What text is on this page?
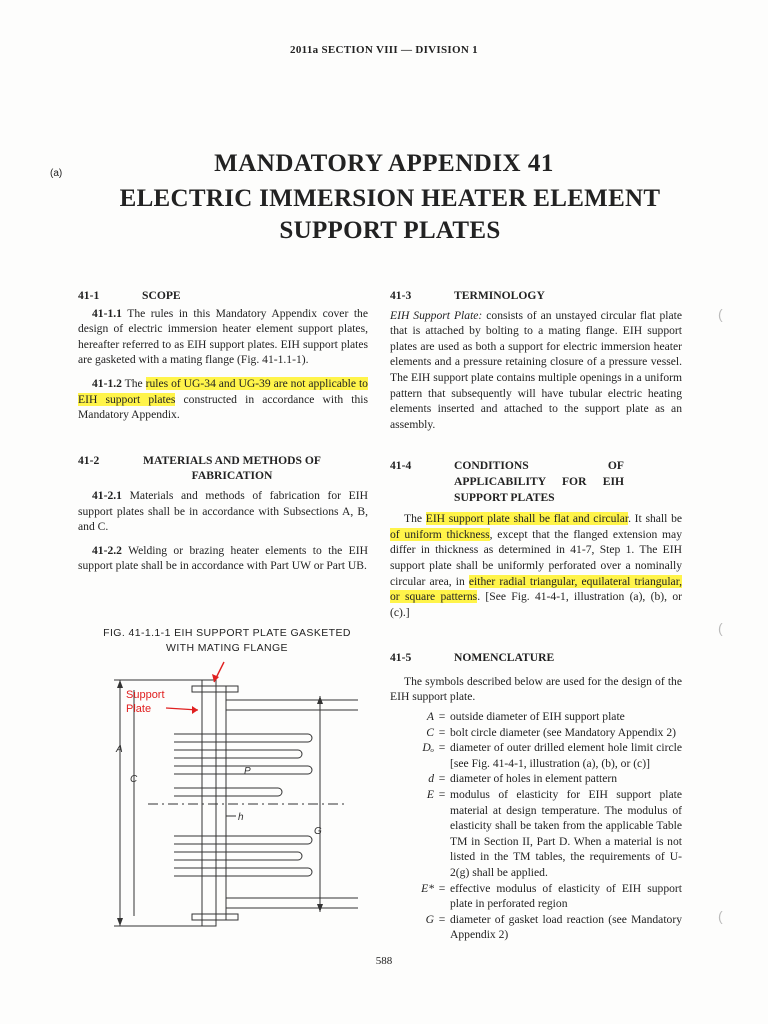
2011a SECTION VIII — DIVISION 1
(a)	MANDATORY APPENDIX 41
ELECTRIC IMMERSION HEATER ELEMENT SUPPORT PLATES
41-1	SCOPE

41-1.1 The rules in this Mandatory Appendix cover the design of electric immersion heater element support plates, hereafter referred to as EIH support plates. EIH support plates are gasketed with a mating flange (Fig. 41-1.1-1).

41-1.2 The rules of UG-34 and UG-39 are not applicable to EIH support plates constructed in accordance with this Mandatory Appendix.

41-2	MATERIALS AND METHODS OF FABRICATION

41-2.1 Materials and methods of fabrication for EIH support plates shall be in accordance with Subsections A, B, and C.

41-2.2 Welding or brazing heater elements to the EIH support plate shall be in accordance with Part UW or Part UB.

FIG. 41-1.1-1 EIH SUPPORT PLATE GASKETED WITH MATING FLANGE
A
C
P
h
G
Support
Plate
41-3	TERMINOLOGY

EIH Support Plate: consists of an unstayed circular flat plate that is attached by bolting to a mating flange. EIH support plates are used as both a support for electric immersion heater elements and a pressure retaining closure of a pressure vessel. The EIH support plate contains multiple openings in a uniform pattern that subsequently will have tubular electric heating elements inserted and attached to the support plate as an assembly.

41-4	CONDITIONS OF APPLICABILITY FOR EIH SUPPORT PLATES

The EIH support plate shall be flat and circular. It shall be of uniform thickness, except that the flanged extension may differ in thickness as determined in 41-7, Step 1. The EIH support plate shall be uniformly perforated over a nominally circular area, in either radial triangular, equilateral triangular, or square patterns. [See Fig. 41-4-1, illustration (a), (b), or (c).]

41-5	NOMENCLATURE

The symbols described below are used for the design of the EIH support plate.

A = outside diameter of EIH support plate
C = bolt circle diameter (see Mandatory Appendix 2)
Dₒ = diameter of outer drilled element hole limit circle [see Fig. 41-4-1, illustration (a), (b), or (c)]
d = diameter of holes in element pattern
E = modulus of elasticity for EIH support plate material at design temperature. The modulus of elasticity shall be taken from the applicable Table TM in Section II, Part D. When a material is not listed in the TM tables, the requirements of U-2(g) shall be applied.
E* = effective modulus of elasticity of EIH support plate in perforated region
G = diameter of gasket load reaction (see Mandatory Appendix 2)
(
(
(
588
